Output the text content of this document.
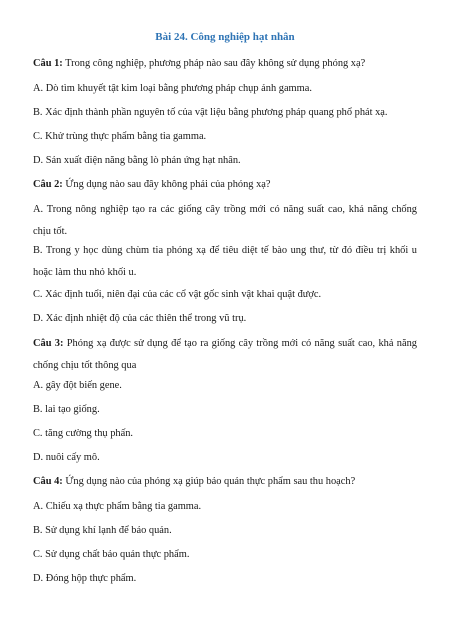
Bài 24. Công nghiệp hạt nhân
Câu 1: Trong công nghiệp, phương pháp nào sau đây không sử dụng phóng xạ?
A. Dò tìm khuyết tật kim loại bằng phương pháp chụp ảnh gamma.
B. Xác định thành phần nguyên tố của vật liệu bằng phương pháp quang phổ phát xạ.
C. Khử trùng thực phẩm bằng tia gamma.
D. Sản xuất điện năng bằng lò phản ứng hạt nhân.
Câu 2: Ứng dụng nào sau đây không phải của phóng xạ?
A. Trong nông nghiệp tạo ra các giống cây trồng mới có năng suất cao, khả năng chống chịu tốt.
B. Trong y học dùng chùm tia phóng xạ để tiêu diệt tế bào ung thư, từ đó điều trị khối u hoặc làm thu nhỏ khối u.
C. Xác định tuổi, niên đại của các cổ vật gốc sinh vật khai quật được.
D. Xác định nhiệt độ của các thiên thể trong vũ trụ.
Câu 3: Phóng xạ được sử dụng để tạo ra giống cây trồng mới có năng suất cao, khả năng chống chịu tốt thông qua
A. gây đột biến gene.
B. lai tạo giống.
C. tăng cường thụ phấn.
D. nuôi cấy mô.
Câu 4: Ứng dụng nào của phóng xạ giúp bảo quản thực phẩm sau thu hoạch?
A. Chiếu xạ thực phẩm bằng tia gamma.
B. Sử dụng khí lạnh để bảo quản.
C. Sử dụng chất bảo quản thực phẩm.
D. Đóng hộp thực phẩm.
